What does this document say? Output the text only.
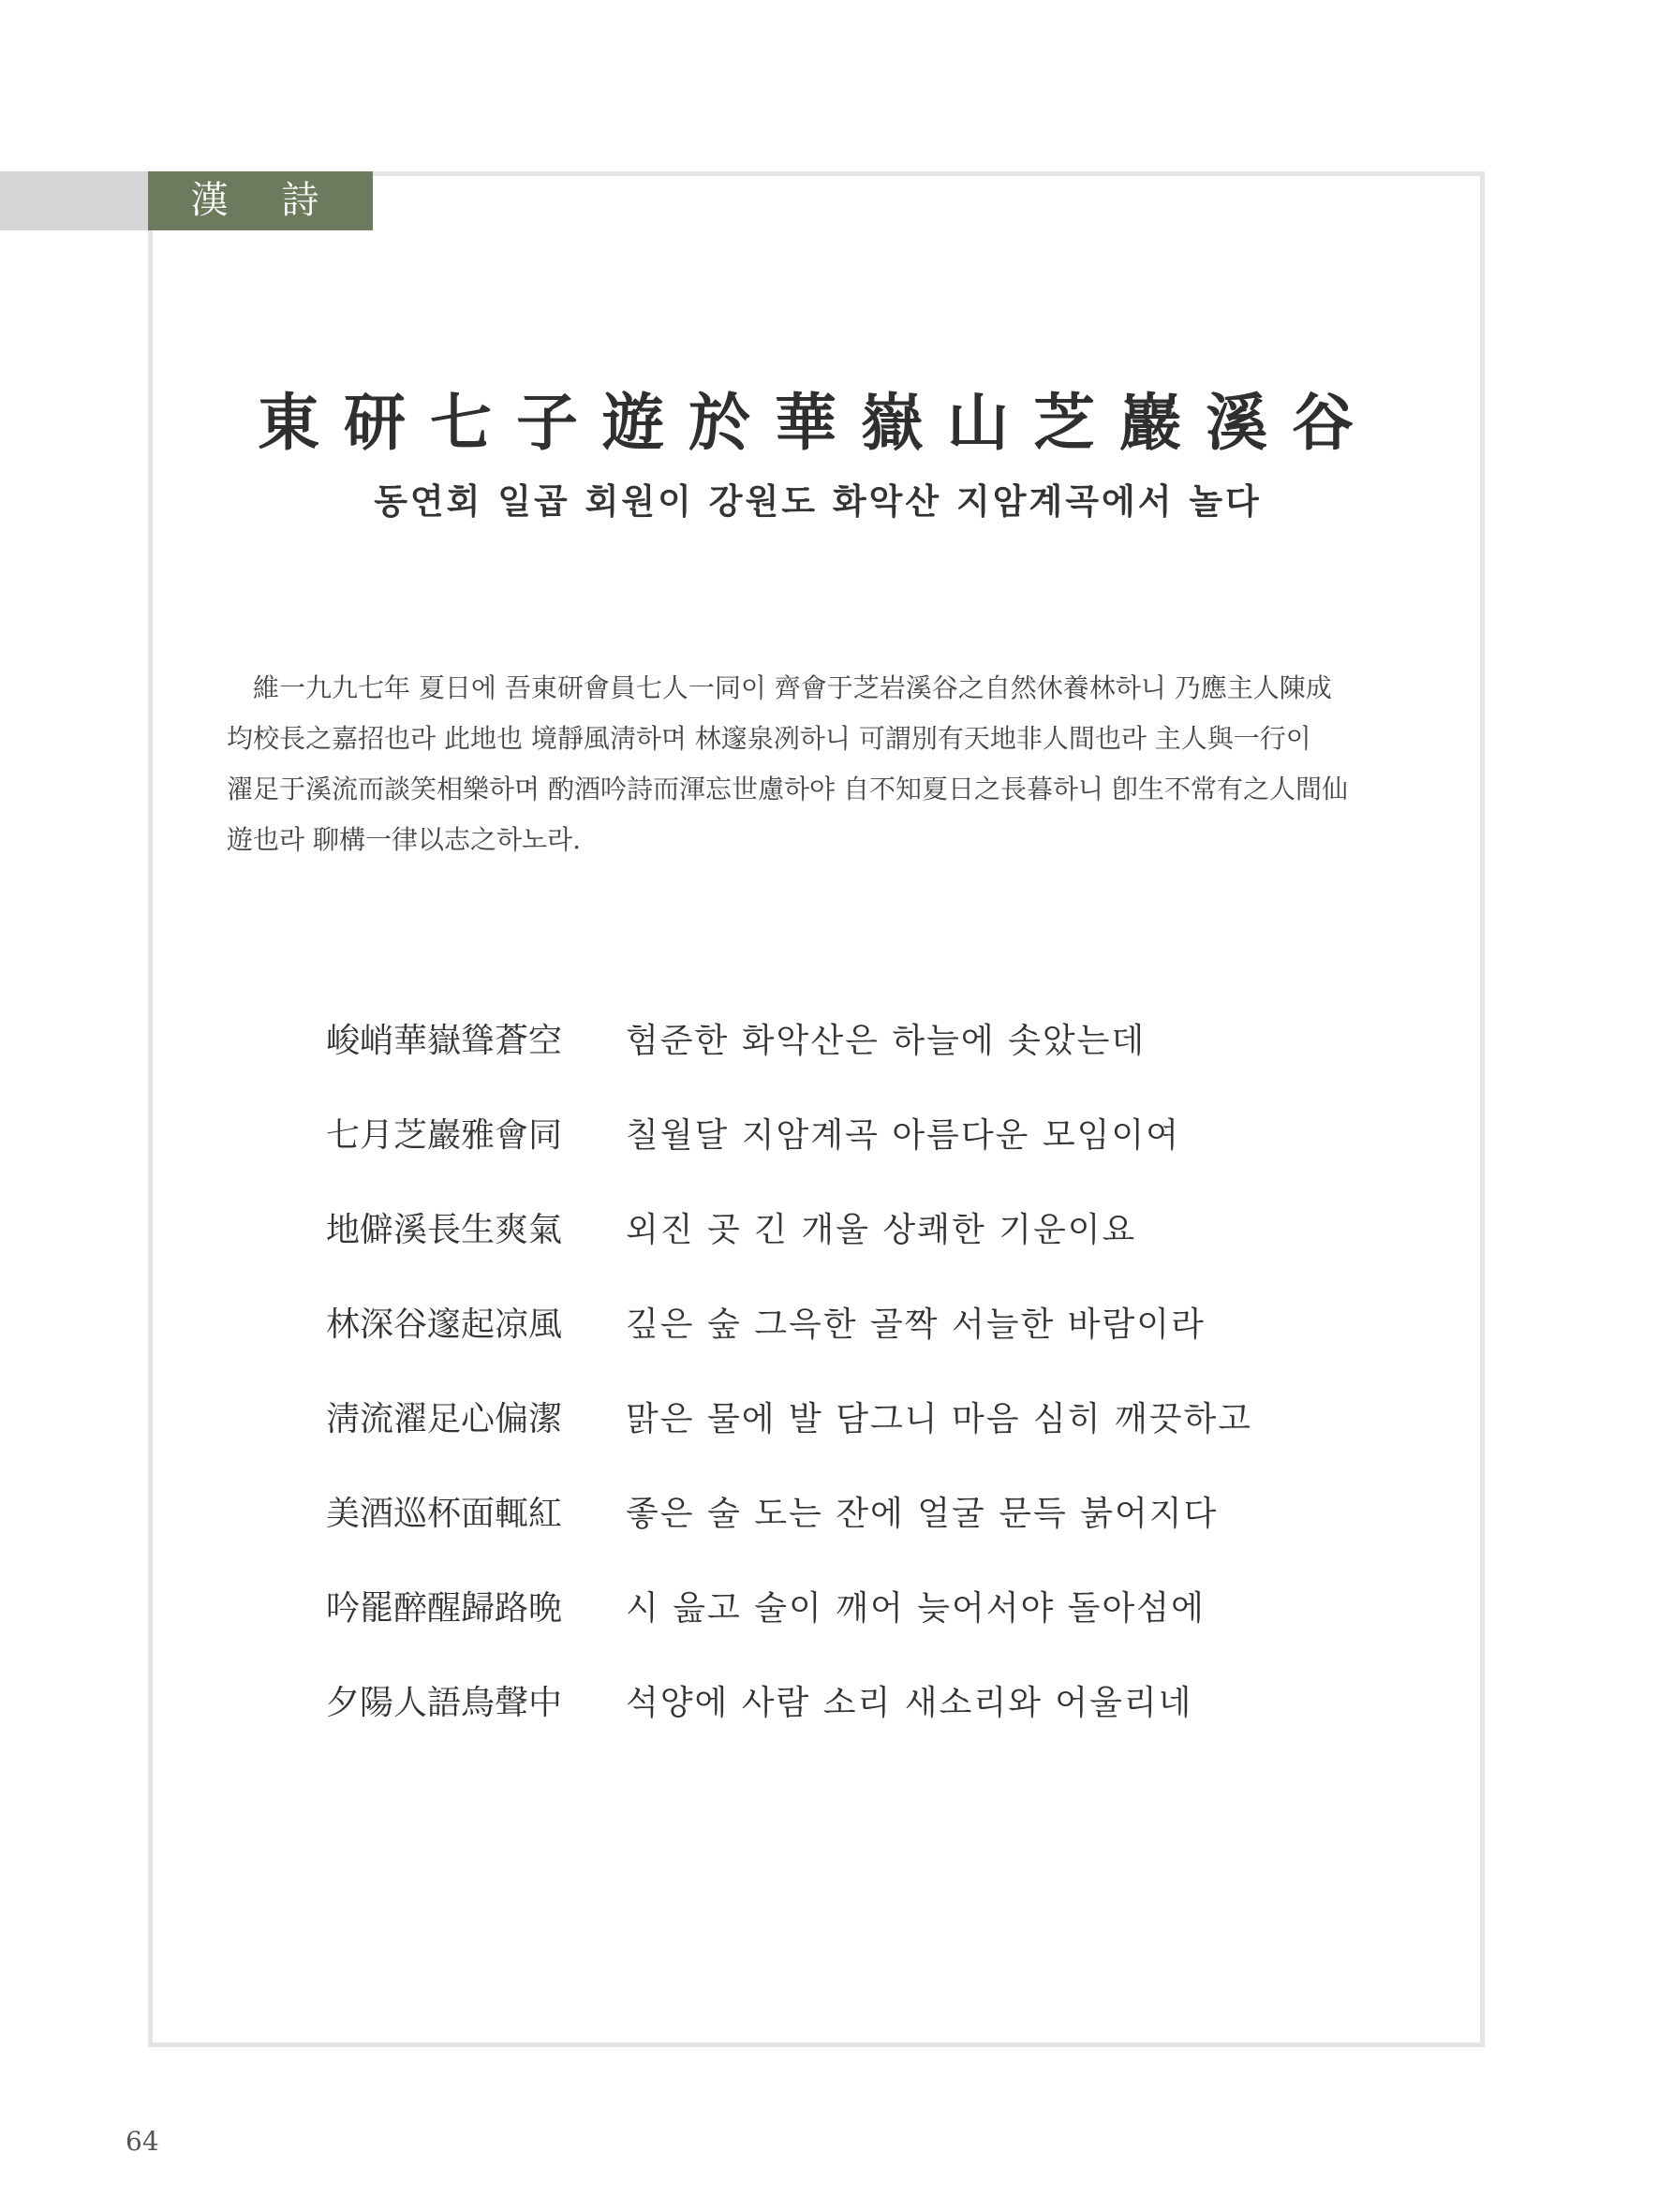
漢 詩
東研七子遊於華嶽山芝巖溪谷
동연회 일곱 회원이 강원도 화악산 지암계곡에서 놀다

維一九九七年 夏日에 吾東研會員七人一同이 齊會于芝岩溪谷之自然休養林하니 乃應主人陳成

均校長之嘉招也라 此地也 境靜風淸하며 林邃泉冽하니 可謂別有天地非人間也라 主人與一行이

濯足于溪流而談笑相樂하며 酌酒吟詩而渾忘世慮하야 自不知夏日之長暮하니 卽生不常有之人間仙

遊也라 聊構一律以志之하노라.

峻峭華嶽聳蒼空	험준한 화악산은 하늘에 솟았는데
七月芝巖雅會同	칠월달 지암계곡 아름다운 모임이여
地僻溪長生爽氣	외진 곳 긴 개울 상쾌한 기운이요
林深谷邃起凉風	깊은 숲 그윽한 골짝 서늘한 바람이라
淸流濯足心偏潔	맑은 물에 발 담그니 마음 심히 깨끗하고
美酒巡杯面輒紅	좋은 술 도는 잔에 얼굴 문득 붉어지다
吟罷醉醒歸路晩	시 읊고 술이 깨어 늦어서야 돌아섬에
夕陽人語鳥聲中	석양에 사람 소리 새소리와 어울리네
64
